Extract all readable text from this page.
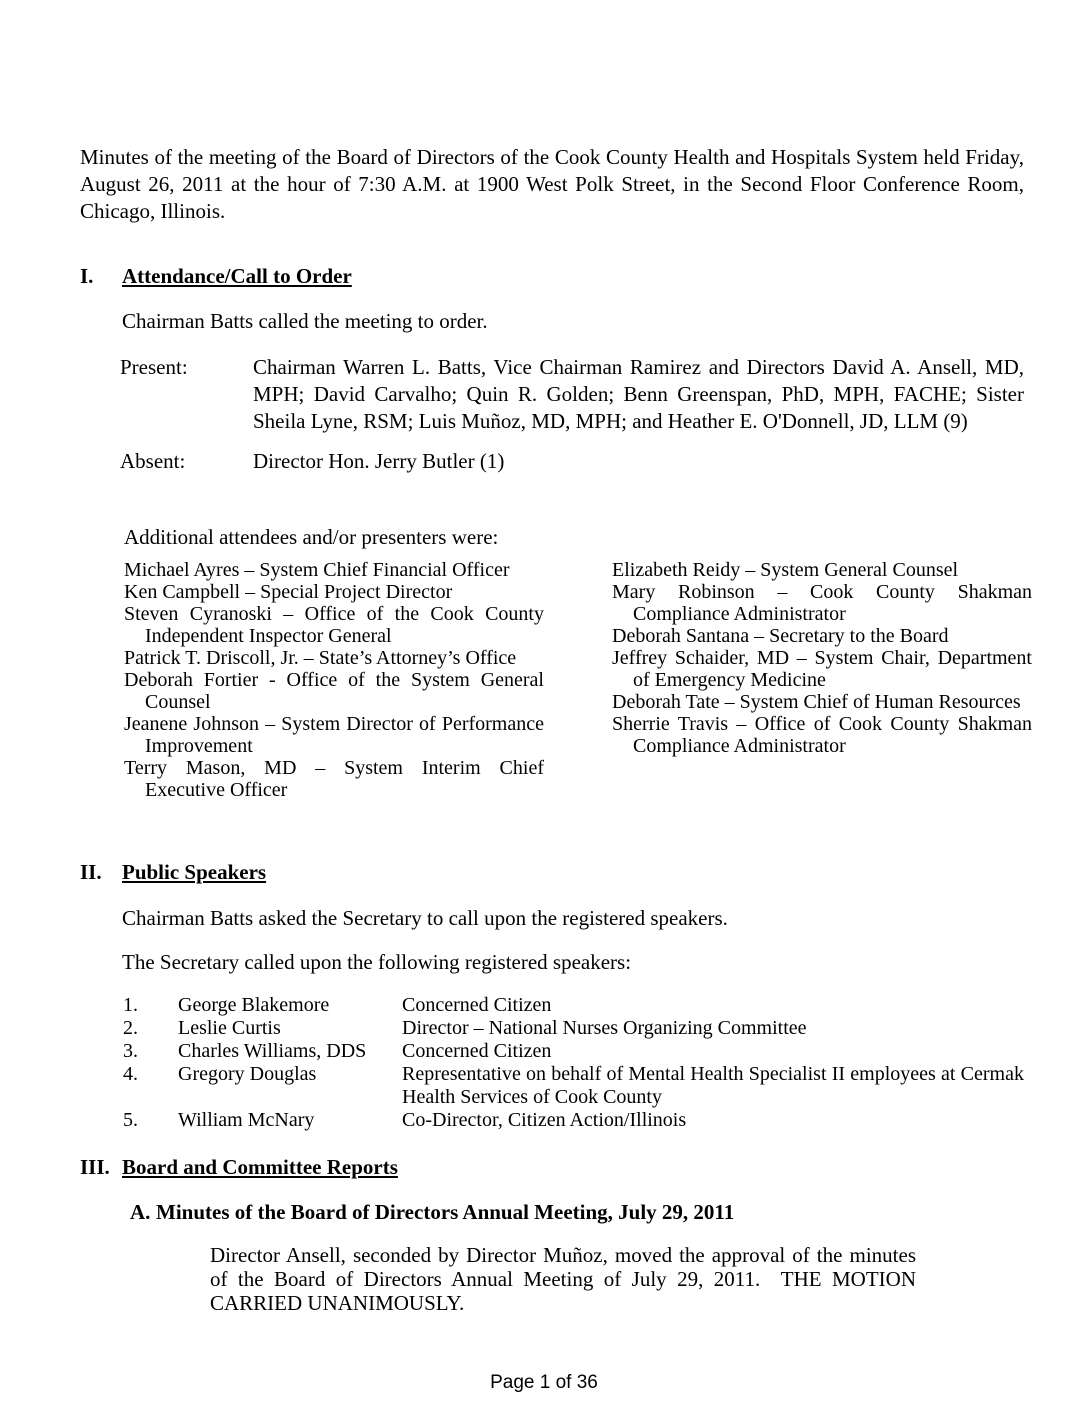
Minutes of the meeting of the Board of Directors of the Cook County Health and Hospitals System held Friday, August 26, 2011 at the hour of 7:30 A.M. at 1900 West Polk Street, in the Second Floor Conference Room, Chicago, Illinois.

I.	Attendance/Call to Order

Chairman Batts called the meeting to order.

Present:	Chairman Warren L. Batts, Vice Chairman Ramirez and Directors David A. Ansell, MD, MPH; David Carvalho; Quin R. Golden; Benn Greenspan, PhD, MPH, FACHE; Sister Sheila Lyne, RSM; Luis Muñoz, MD, MPH; and Heather E. O'Donnell, JD, LLM (9)
Absent:	Director Hon. Jerry Butler (1)

Additional attendees and/or presenters were:

Michael Ayres – System Chief Financial Officer
Ken Campbell – Special Project Director
Steven Cyranoski – Office of the Cook County Independent Inspector General
Patrick T. Driscoll, Jr. – State’s Attorney’s Office
Deborah Fortier - Office of the System General Counsel
Jeanene Johnson – System Director of Performance Improvement
Terry Mason, MD – System Interim Chief Executive Officer
Elizabeth Reidy – System General Counsel
Mary Robinson – Cook County Shakman Compliance Administrator
Deborah Santana – Secretary to the Board
Jeffrey Schaider, MD – System Chair, Department of Emergency Medicine
Deborah Tate – System Chief of Human Resources
Sherrie Travis – Office of Cook County Shakman Compliance Administrator
II. Public Speakers

Chairman Batts asked the Secretary to call upon the registered speakers.

The Secretary called upon the following registered speakers:

1.	George Blakemore	Concerned Citizen
2.	Leslie Curtis	Director – National Nurses Organizing Committee
3.	Charles Williams, DDS	Concerned Citizen
4.	Gregory Douglas	Representative on behalf of Mental Health Specialist II employees at Cermak Health Services of Cook County
5.	William McNary	Co-Director, Citizen Action/Illinois
III. Board and Committee Reports
A. Minutes of the Board of Directors Annual Meeting, July 29, 2011

Director Ansell, seconded by Director Muñoz, moved the approval of the minutes of the Board of Directors Annual Meeting of July 29, 2011.  THE MOTION CARRIED UNANIMOUSLY.

Page 1 of 36
